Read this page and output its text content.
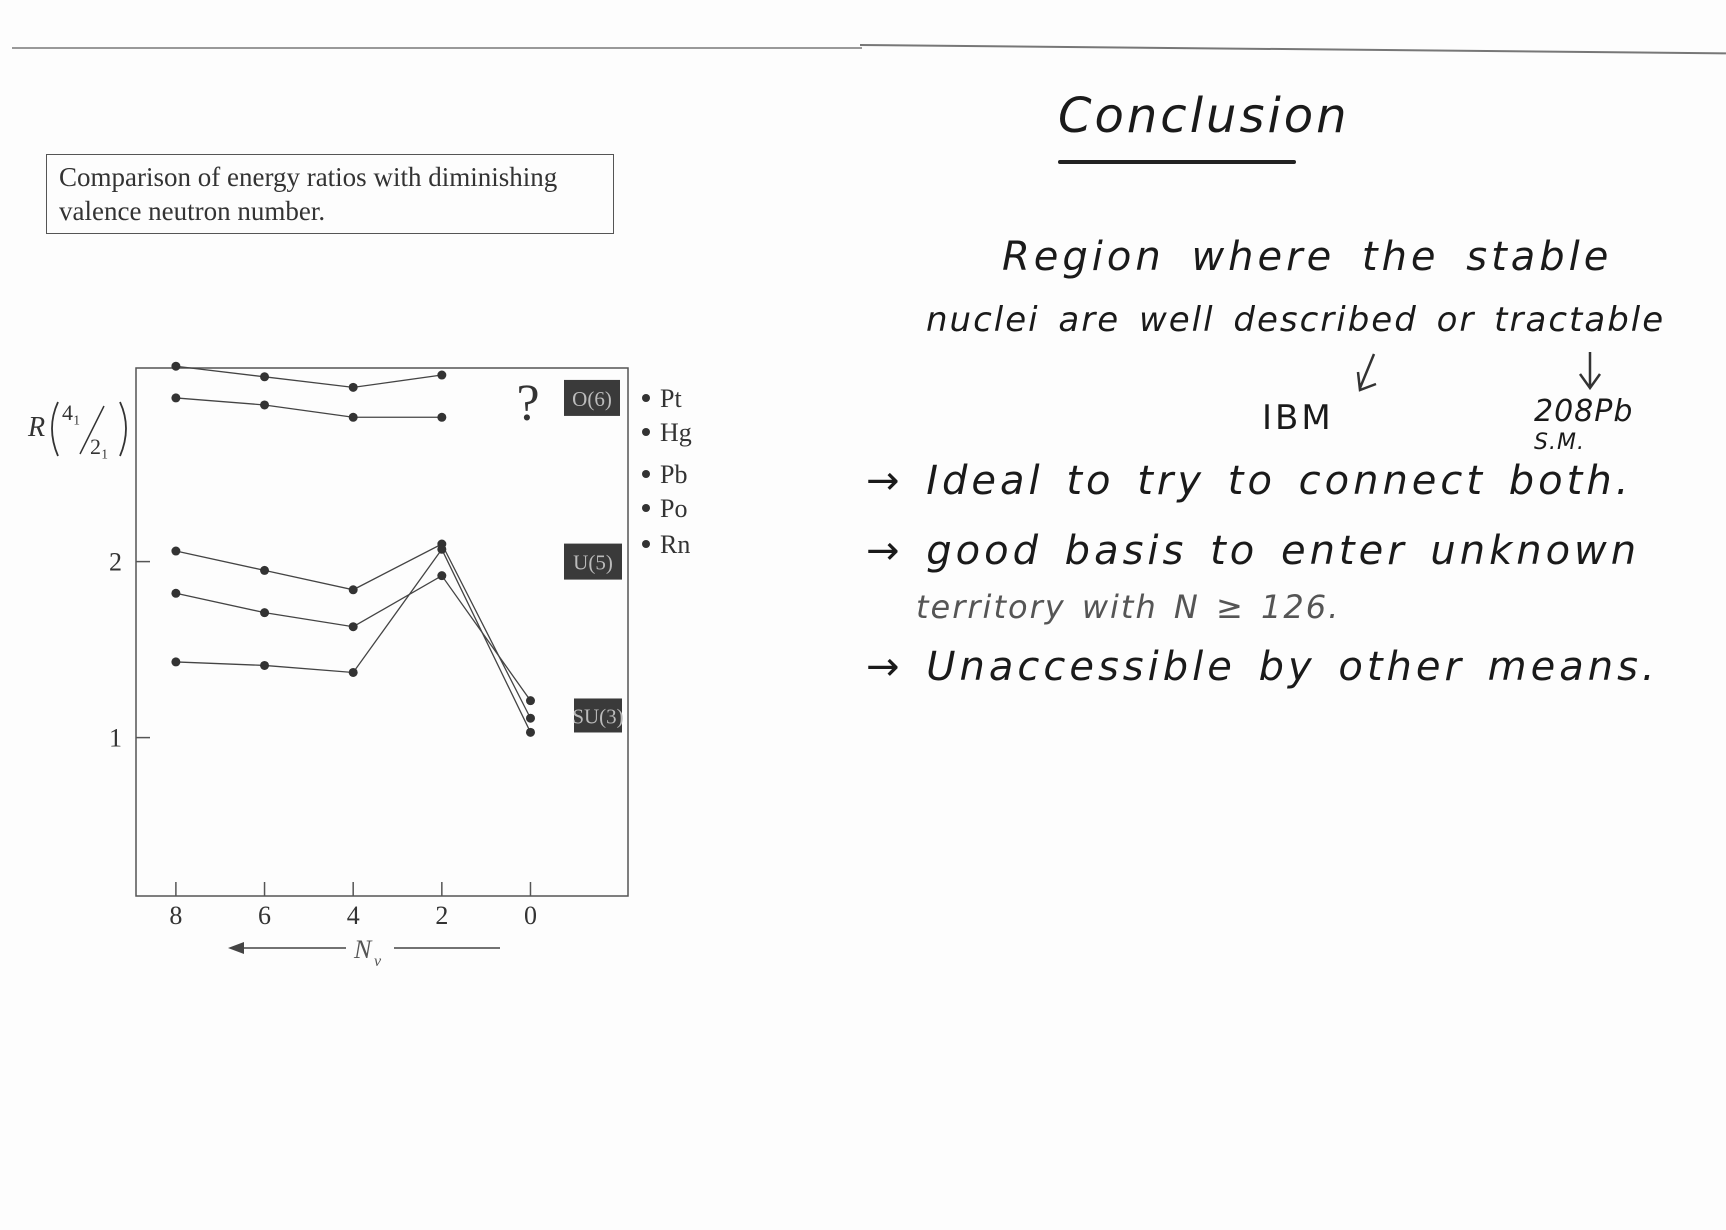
Comparison of energy ratios with diminishing
valence neutron number.
1
2
8	6	4	2	0
R 4₁
2₁
N ν
? O(6)
U(5)
SU(3)
Pt
Hg
Pb
Po
Rn
Conclusion
Region where the stable
nuclei are well described or tractable
IBM	208Pb
S.M.
→ Ideal to try to connect both.
→ good basis to enter unknown
territory with N ≥ 126.
→ Unaccessible by other means.
